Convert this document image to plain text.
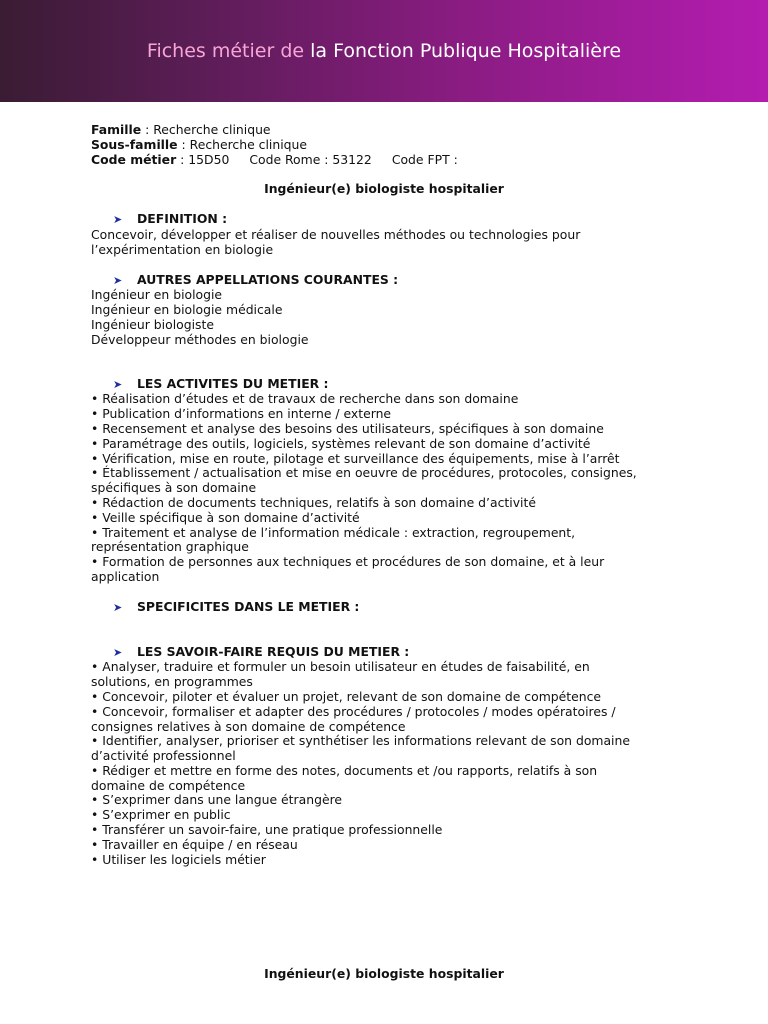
Fiches métier de la Fonction Publique Hospitalière
Famille : Recherche clinique
Sous-famille : Recherche clinique
Code métier : 15D50 Code Rome : 53122 Code FPT :
Ingénieur(e) biologiste hospitalier
➤ DEFINITION :
Concevoir, développer et réaliser de nouvelles méthodes ou technologies pour
l’expérimentation en biologie
➤ AUTRES APPELLATIONS COURANTES :
Ingénieur en biologie
Ingénieur en biologie médicale
Ingénieur biologiste
Développeur méthodes en biologie
➤ LES ACTIVITES DU METIER :
• Réalisation d’études et de travaux de recherche dans son domaine
• Publication d’informations en interne / externe
• Recensement et analyse des besoins des utilisateurs, spécifiques à son domaine
• Paramétrage des outils, logiciels, systèmes relevant de son domaine d’activité
• Vérification, mise en route, pilotage et surveillance des équipements, mise à l’arrêt
• Établissement / actualisation et mise en oeuvre de procédures, protocoles, consignes,
spécifiques à son domaine
• Rédaction de documents techniques, relatifs à son domaine d’activité
• Veille spécifique à son domaine d’activité
• Traitement et analyse de l’information médicale : extraction, regroupement,
représentation graphique
• Formation de personnes aux techniques et procédures de son domaine, et à leur
application
➤ SPECIFICITES DANS LE METIER :
➤ LES SAVOIR-FAIRE REQUIS DU METIER :
• Analyser, traduire et formuler un besoin utilisateur en études de faisabilité, en
solutions, en programmes
• Concevoir, piloter et évaluer un projet, relevant de son domaine de compétence
• Concevoir, formaliser et adapter des procédures / protocoles / modes opératoires /
consignes relatives à son domaine de compétence
• Identifier, analyser, prioriser et synthétiser les informations relevant de son domaine
d’activité professionnel
• Rédiger et mettre en forme des notes, documents et /ou rapports, relatifs à son
domaine de compétence
• S’exprimer dans une langue étrangère
• S’exprimer en public
• Transférer un savoir-faire, une pratique professionnelle
• Travailler en équipe / en réseau
• Utiliser les logiciels métier
Ingénieur(e) biologiste hospitalier
